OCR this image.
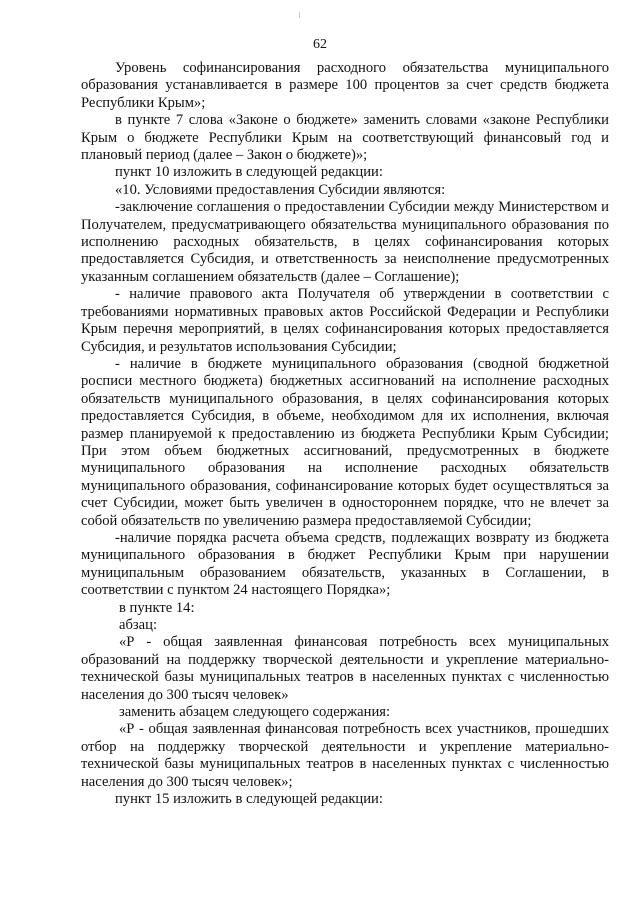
62

Уровень софинансирования расходного обязательства муниципального образования устанавливается в размере 100 процентов за счет средств бюджета Республики Крым»;

в пункте 7 слова «Законе о бюджете» заменить словами «законе Республики Крым о бюджете Республики Крым на соответствующий финансовый год и плановый период (далее – Закон о бюджете)»;

пункт 10 изложить в следующей редакции:

«10. Условиями предоставления Субсидии являются:

-заключение соглашения о предоставлении Субсидии между Министерством и Получателем, предусматривающего обязательства муниципального образования по исполнению расходных обязательств, в целях софинансирования которых предоставляется Субсидия, и ответственность за неисполнение предусмотренных указанным соглашением обязательств (далее – Соглашение);

- наличие правового акта Получателя об утверждении в соответствии с требованиями нормативных правовых актов Российской Федерации и Республики Крым перечня мероприятий, в целях софинансирования которых предоставляется Субсидия, и результатов использования Субсидии;

- наличие в бюджете муниципального образования (сводной бюджетной росписи местного бюджета) бюджетных ассигнований на исполнение расходных обязательств муниципального образования, в целях софинансирования которых предоставляется Субсидия, в объеме, необходимом для их исполнения, включая размер планируемой к предоставлению из бюджета Республики Крым Субсидии; При этом объем бюджетных ассигнований, предусмотренных в бюджете муниципального образования на исполнение расходных обязательств муниципального образования, софинансирование которых будет осуществляться за счет Субсидии, может быть увеличен в одностороннем порядке, что не влечет за собой обязательств по увеличению размера предоставляемой Субсидии;

-наличие порядка расчета объема средств, подлежащих возврату из бюджета муниципального образования в бюджет Республики Крым при нарушении муниципальным образованием обязательств, указанных в Соглашении, в соответствии с пунктом 24 настоящего Порядка»;

в пункте 14:

абзац:

«Р - общая заявленная финансовая потребность всех муниципальных образований на поддержку творческой деятельности и укрепление материально-технической базы муниципальных театров в населенных пунктах с численностью населения до 300 тысяч человек»

заменить абзацем следующего содержания:

«Р - общая заявленная финансовая потребность всех участников, прошедших отбор на поддержку творческой деятельности и укрепление материально-технической базы муниципальных театров в населенных пунктах с численностью населения до 300 тысяч человек»;

пункт 15 изложить в следующей редакции:
